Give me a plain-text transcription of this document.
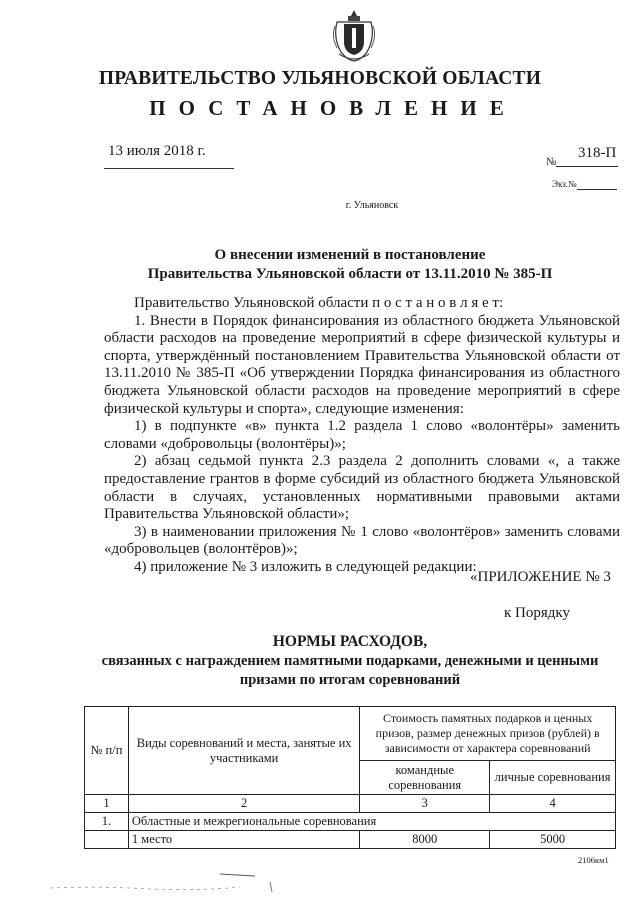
ПРАВИТЕЛЬСТВО УЛЬЯНОВСКОЙ ОБЛАСТИ
ПОСТАНОВЛЕНИЕ
13 июля 2018 г.
№
318-П
Экз.№
г. Ульяновск
О внесении изменений в постановление
Правительства Ульяновской области от 13.11.2010 № 385-П
Правительство Ульяновской области п о с т а н о в л я е т:
1. Внести в Порядок финансирования из областного бюджета Ульяновской области расходов на проведение мероприятий в сфере физической культуры и спорта, утверждённый постановлением Правительства Ульяновской области от 13.11.2010 № 385-П «Об утверждении Порядка финансирования из областного бюджета Ульяновской области расходов на проведение мероприятий в сфере физической культуры и спорта», следующие изменения:
1) в подпункте «в» пункта 1.2 раздела 1 слово «волонтёры» заменить словами «добровольцы (волонтёры)»;
2) абзац седьмой пункта 2.3 раздела 2 дополнить словами «, а также предоставление грантов в форме субсидий из областного бюджета Ульяновской области в случаях, установленных нормативными правовыми актами Правительства Ульяновской области»;
3) в наименовании приложения № 1 слово «волонтёров» заменить словами «добровольцев (волонтёров)»;
4) приложение № 3 изложить в следующей редакции:
«ПРИЛОЖЕНИЕ № 3
к Порядку
НОРМЫ РАСХОДОВ,
связанных с награждением памятными подарками, денежными и ценными
призами по итогам соревнований
№ п/п	Виды соревнований и места, занятые их участниками	Стоимость памятных подарков и ценных призов, размер денежных призов (рублей) в зависимости от характера соревнований	
		командные соревнования	личные соревнования
1	2	3	4
1.	Областные и межрегиональные соревнования		
	1 место	8000	5000
2106км1
